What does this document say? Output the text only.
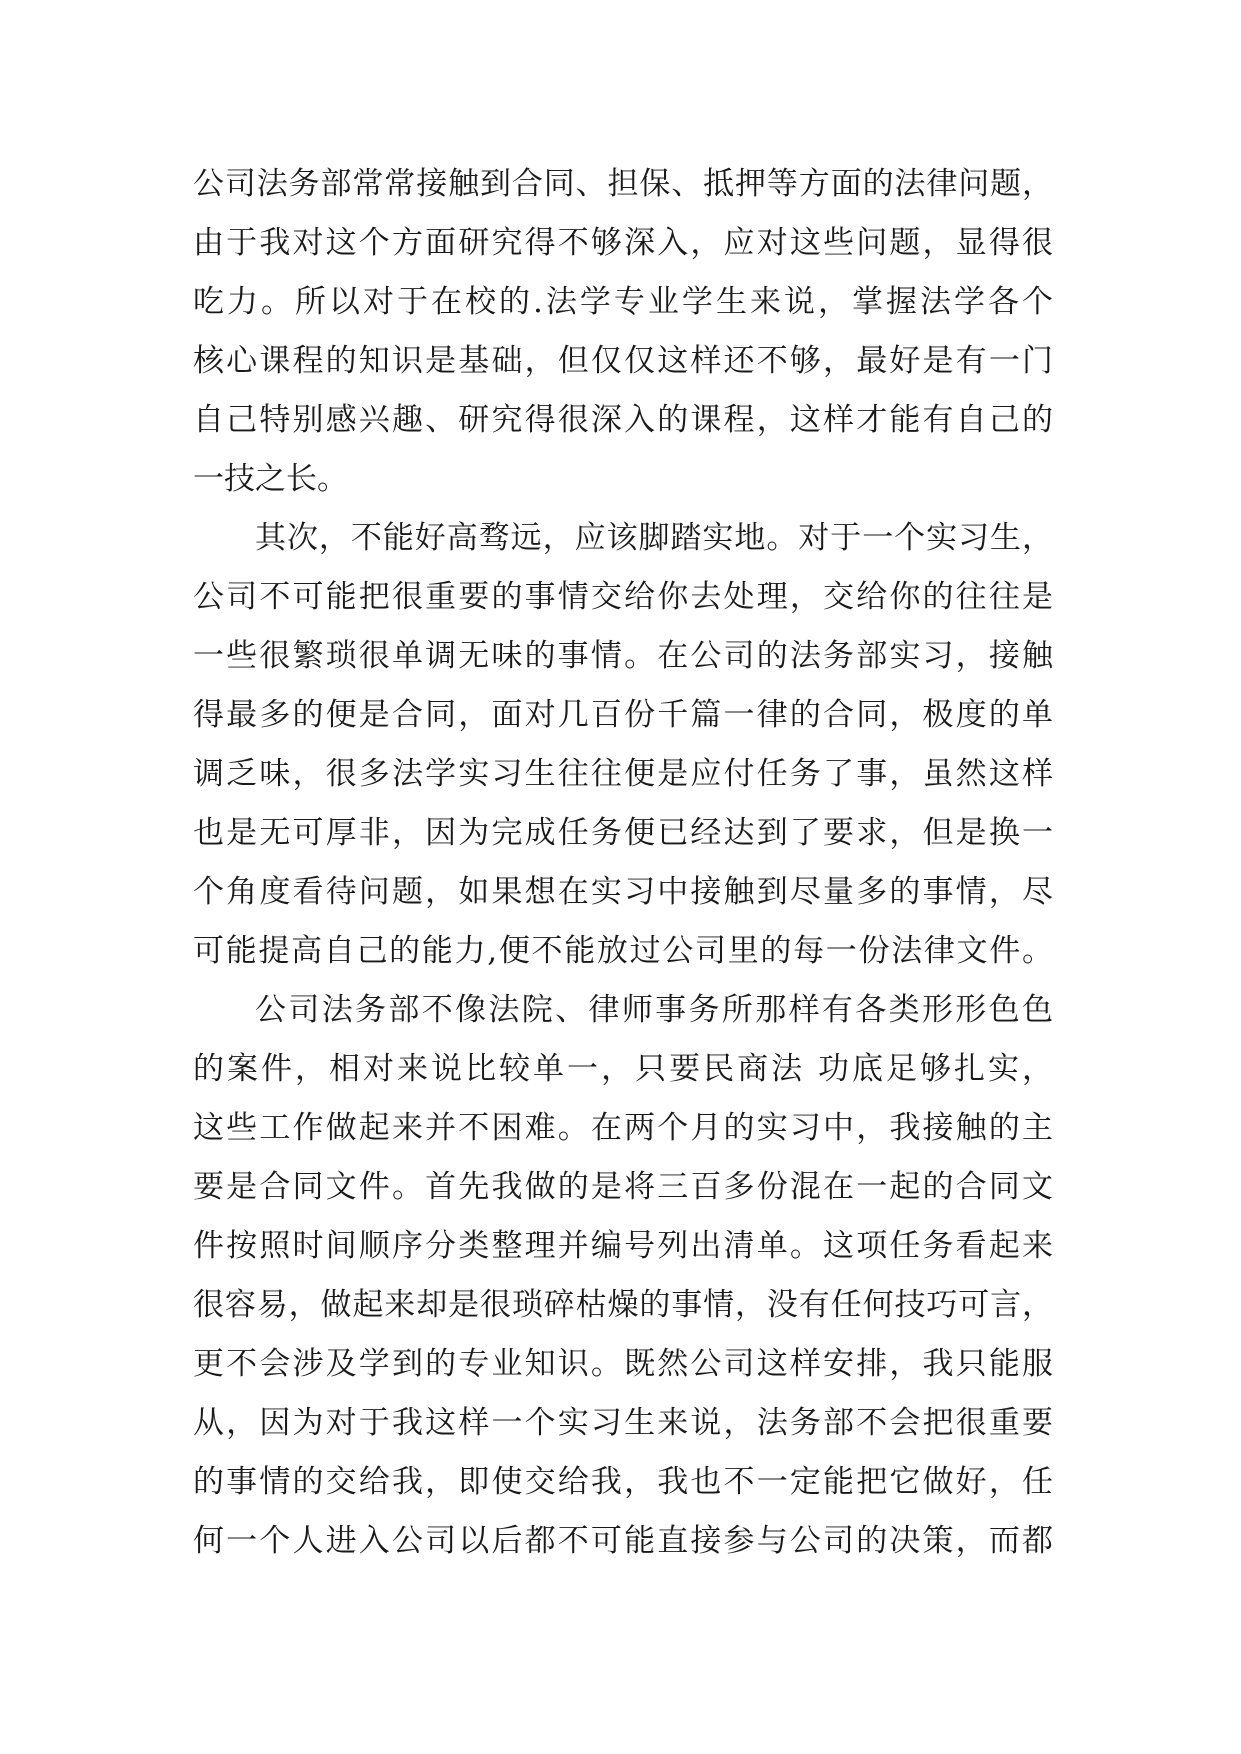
公司法务部常常接触到合同、担保、抵押等方面的法律问题，
由于我对这个方面研究得不够深入，应对这些问题，显得很
吃力。所以对于在校的.法学专业学生来说，掌握法学各个
核心课程的知识是基础，但仅仅这样还不够，最好是有一门
自己特别感兴趣、研究得很深入的课程，这样才能有自己的
一技之长。
其次，不能好高骛远，应该脚踏实地。对于一个实习生，
公司不可能把很重要的事情交给你去处理，交给你的往往是
一些很繁琐很单调无味的事情。在公司的法务部实习，接触
得最多的便是合同，面对几百份千篇一律的合同，极度的单
调乏味，很多法学实习生往往便是应付任务了事，虽然这样
也是无可厚非，因为完成任务便已经达到了要求，但是换一
个角度看待问题，如果想在实习中接触到尽量多的事情，尽
可能提高自己的能力,便不能放过公司里的每一份法律文件。
公司法务部不像法院、律师事务所那样有各类形形色色
的案件，相对来说比较单一，只要民商法 功底足够扎实，
这些工作做起来并不困难。在两个月的实习中，我接触的主
要是合同文件。首先我做的是将三百多份混在一起的合同文
件按照时间顺序分类整理并编号列出清单。这项任务看起来
很容易，做起来却是很琐碎枯燥的事情，没有任何技巧可言，
更不会涉及学到的专业知识。既然公司这样安排，我只能服
从，因为对于我这样一个实习生来说，法务部不会把很重要
的事情的交给我，即使交给我，我也不一定能把它做好，任
何一个人进入公司以后都不可能直接参与公司的决策，而都
